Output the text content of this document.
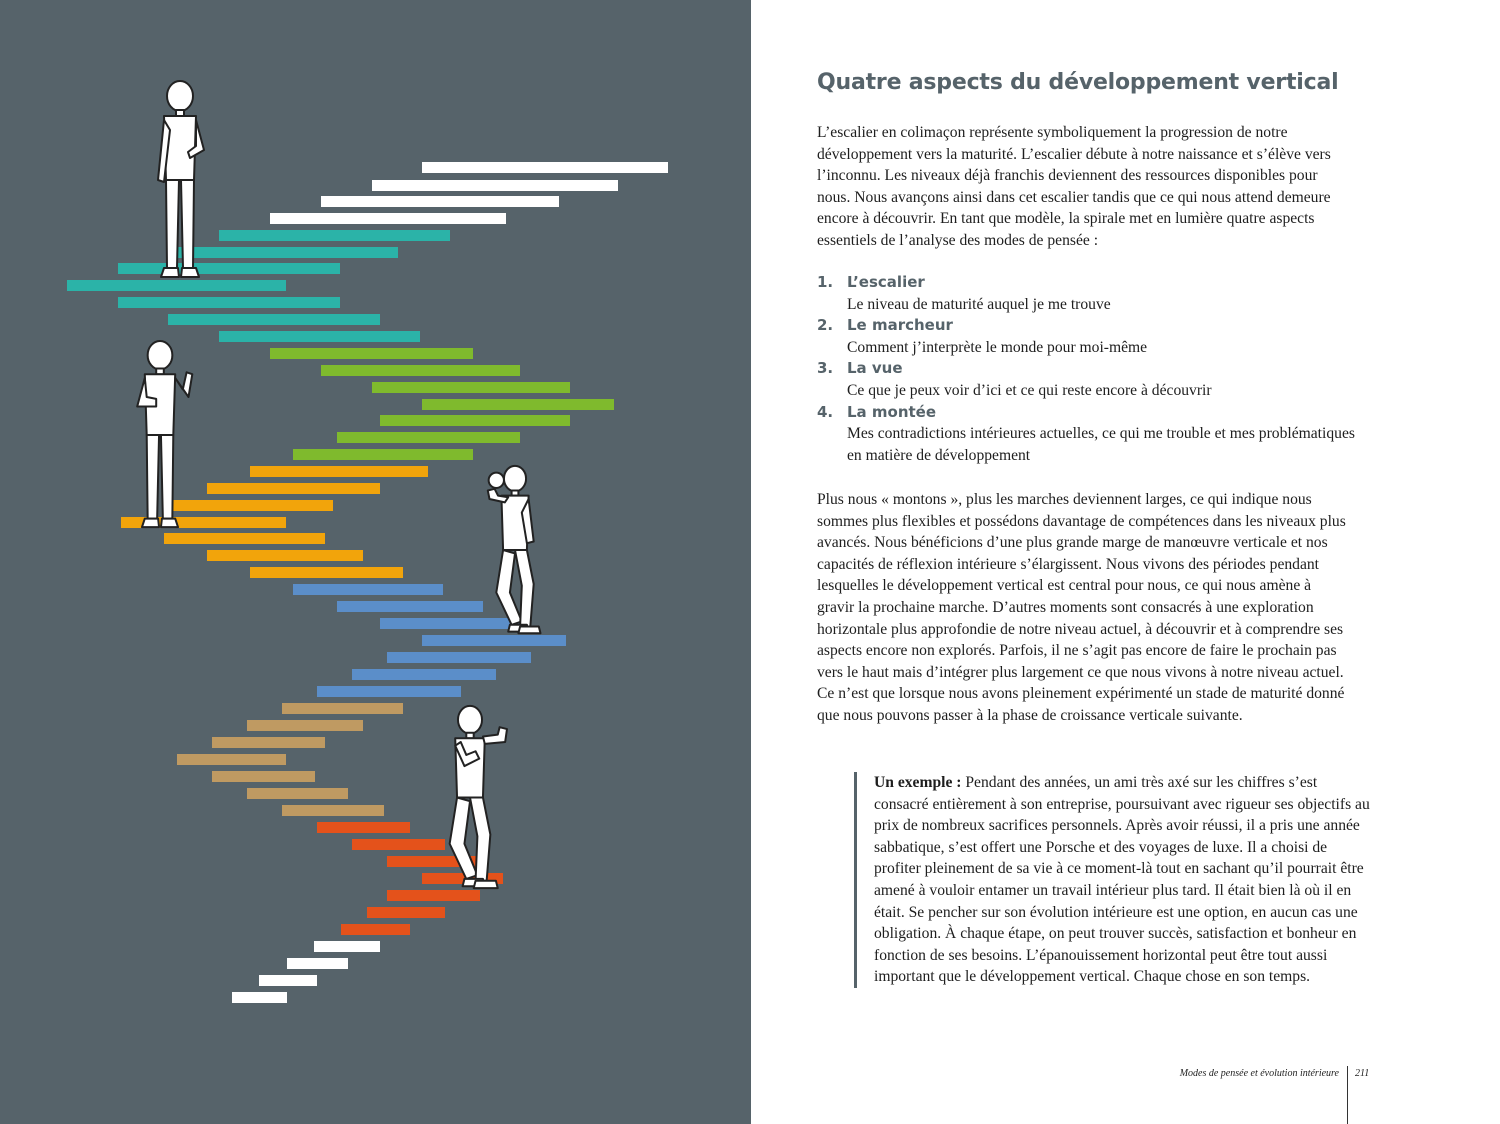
Quatre aspects du développement vertical

L’escalier en colimaçon représente symboliquement la progression de notre développement vers la maturité. L’escalier débute à notre naissance et s’élève vers l’inconnu. Les niveaux déjà franchis deviennent des ressources disponibles pour nous. Nous avançons ainsi dans cet escalier tandis que ce qui nous attend demeure encore à découvrir. En tant que modèle, la spirale met en lumière quatre aspects essentiels de l’analyse des modes de pensée :

1. L’escalier
Le niveau de maturité auquel je me trouve
2. Le marcheur
Comment j’interprète le monde pour moi-même
3. La vue
Ce que je peux voir d’ici et ce qui reste encore à découvrir
4. La montée
Mes contradictions intérieures actuelles, ce qui me trouble et mes problématiques en matière de développement

Plus nous « montons », plus les marches deviennent larges, ce qui indique nous sommes plus flexibles et possédons davantage de compétences dans les niveaux plus avancés. Nous bénéficions d’une plus grande marge de manœuvre verticale et nos capacités de réflexion intérieure s’élargissent. Nous vivons des périodes pendant lesquelles le développement vertical est central pour nous, ce qui nous amène à gravir la prochaine marche. D’autres moments sont consacrés à une exploration horizontale plus approfondie de notre niveau actuel, à découvrir et à comprendre ses aspects encore non explorés. Parfois, il ne s’agit pas encore de faire le prochain pas vers le haut mais d’intégrer plus largement ce que nous vivons à notre niveau actuel. Ce n’est que lorsque nous avons pleinement expérimenté un stade de maturité donné que nous pouvons passer à la phase de croissance verticale suivante.

Un exemple : Pendant des années, un ami très axé sur les chiffres s’est consacré entièrement à son entreprise, poursuivant avec rigueur ses objectifs au prix de nombreux sacrifices personnels. Après avoir réussi, il a pris une année sabbatique, s’est offert une Porsche et des voyages de luxe. Il a choisi de profiter pleinement de sa vie à ce moment-là tout en sachant qu’il pourrait être amené à vouloir entamer un travail intérieur plus tard. Il était bien là où il en était. Se pencher sur son évolution intérieure est une option, en aucun cas une obligation. À chaque étape, on peut trouver succès, satisfaction et bonheur en fonction de ses besoins. L’épanouissement horizontal peut être tout aussi important que le développement vertical. Chaque chose en son temps.

Modes de pensée et évolution intérieure 211
